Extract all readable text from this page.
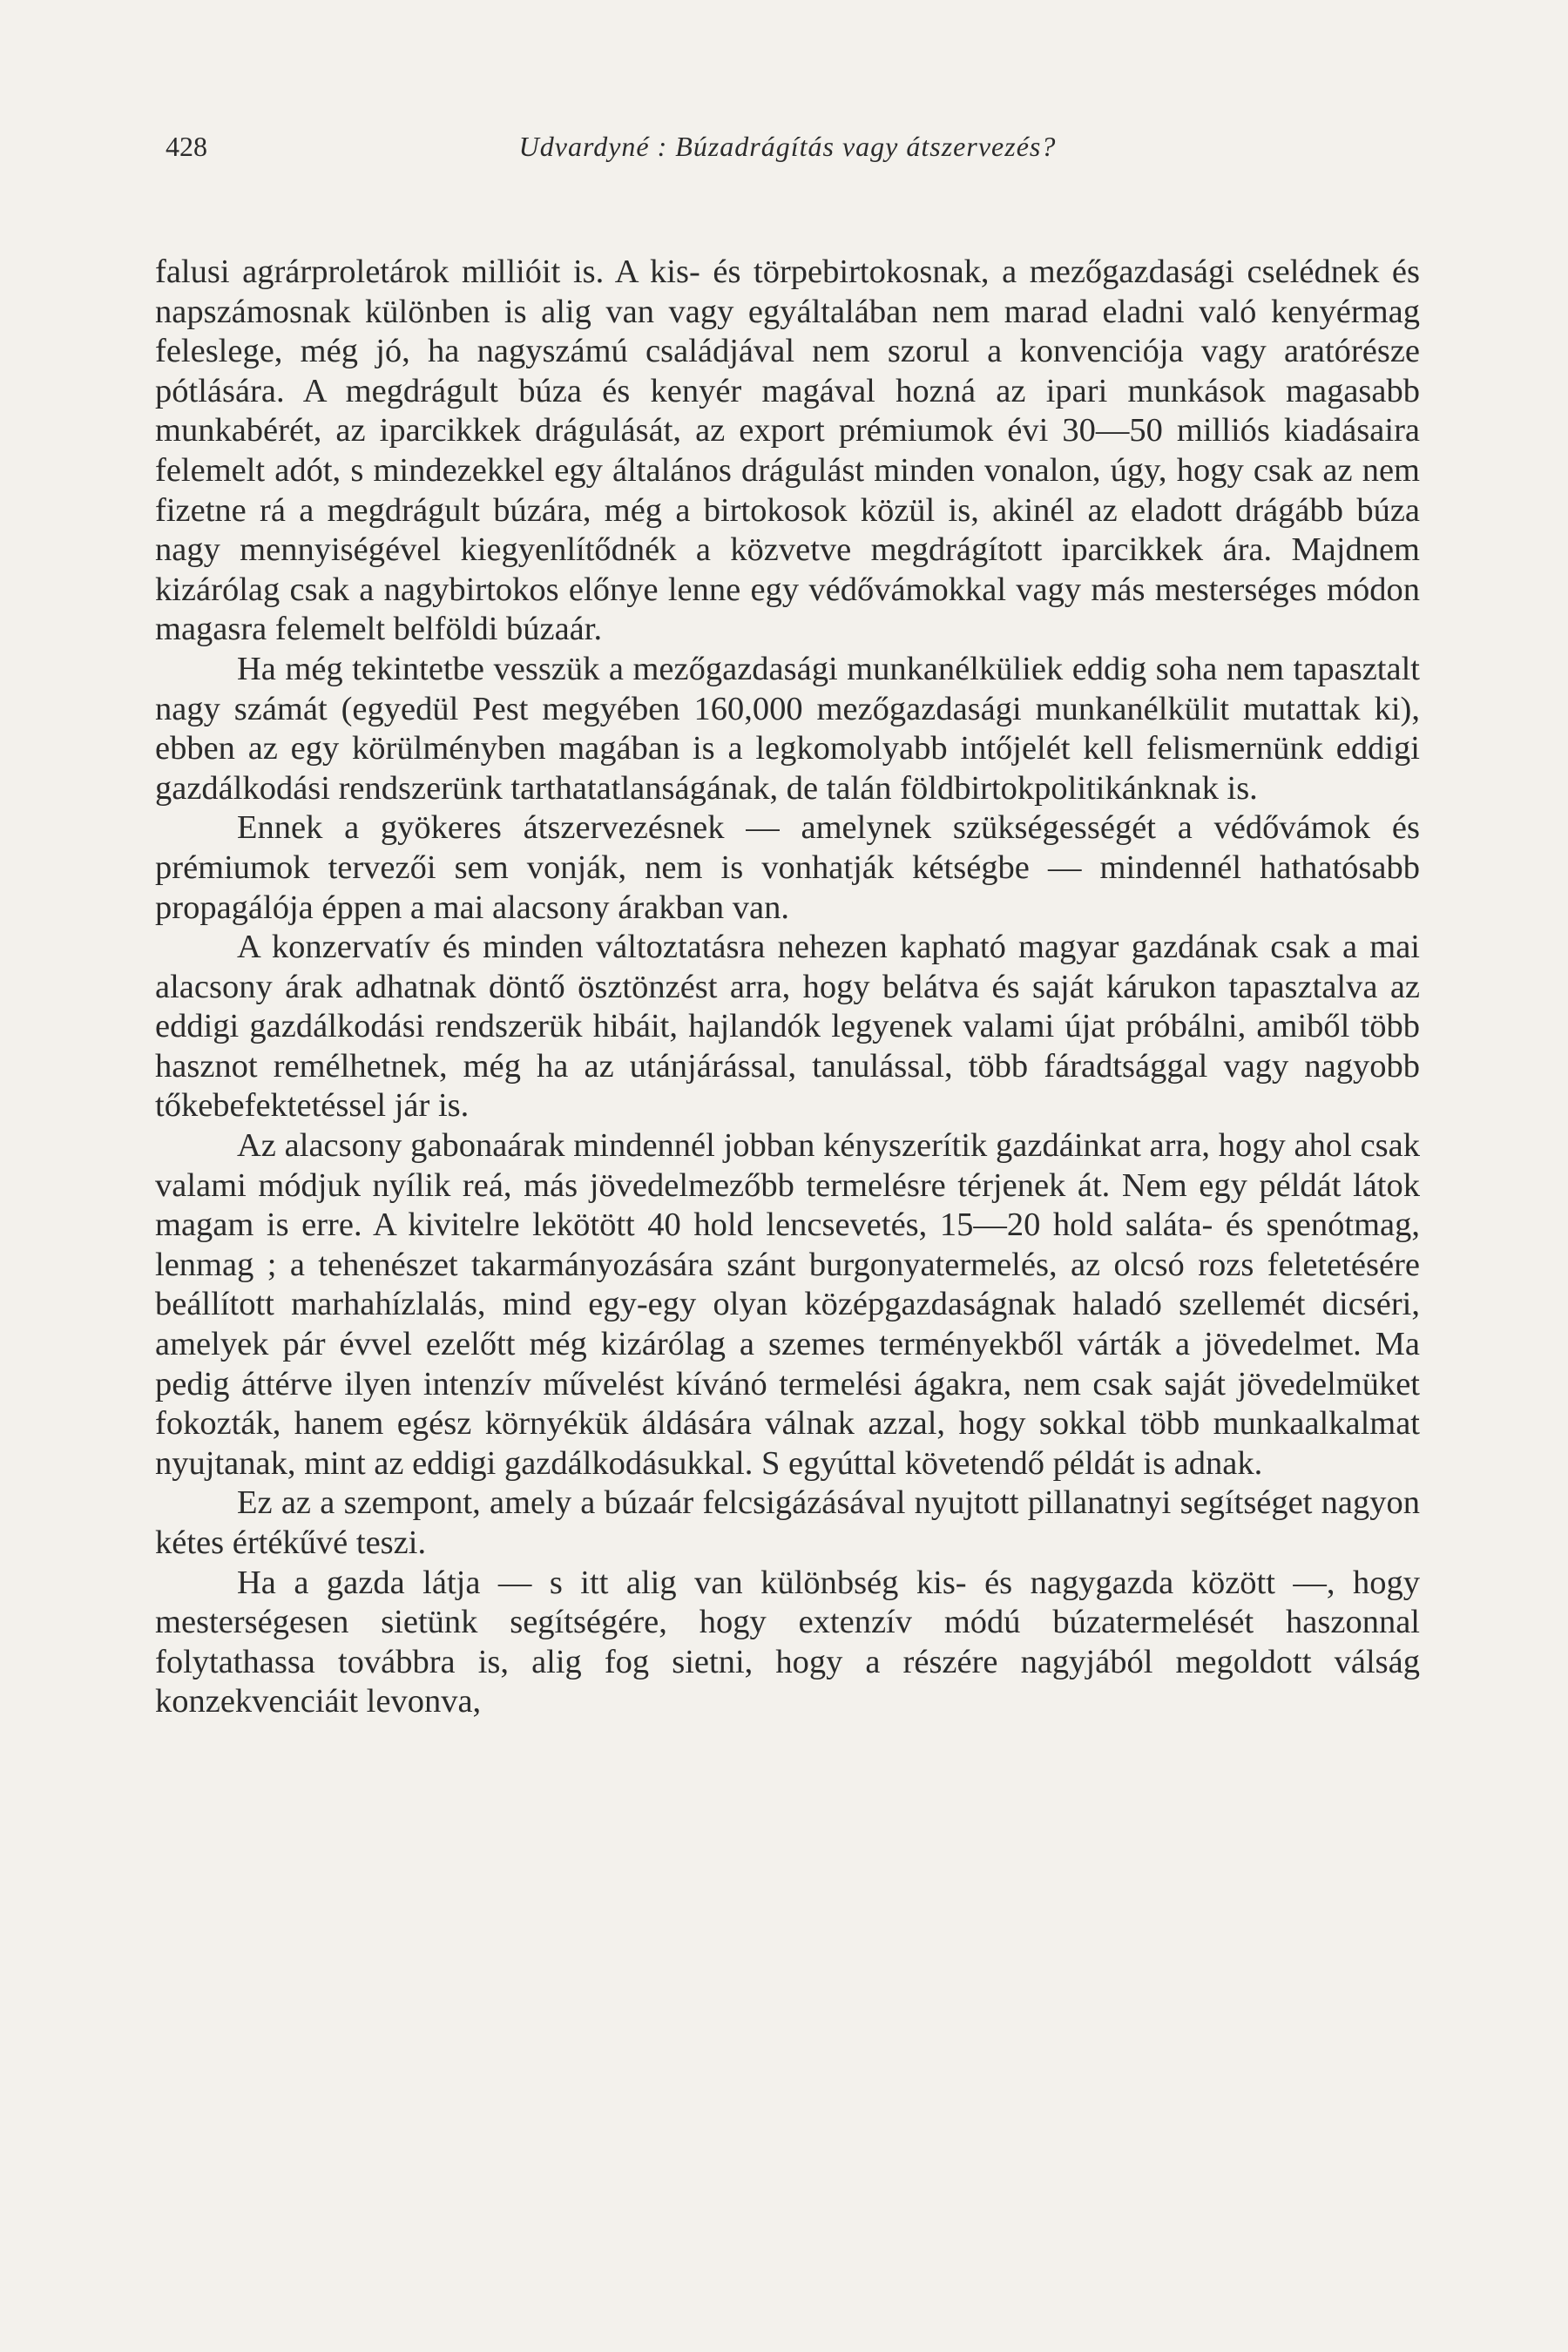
428	Udvardyné : Búzadrágítás vagy átszervezés?

falusi agrárproletárok millióit is. A kis- és törpebirtokosnak, a mezőgazdasági cselédnek és napszámosnak különben is alig van vagy egyáltalában nem marad eladni való kenyérmag feleslege, még jó, ha nagyszámú családjával nem szorul a konvenciója vagy aratórésze pótlására. A megdrágult búza és kenyér magával hozná az ipari munkások magasabb munkabérét, az iparcikkek drágulását, az export prémiumok évi 30—50 milliós kiadásaira felemelt adót, s mindezekkel egy általános drágulást minden vonalon, úgy, hogy csak az nem fizetne rá a megdrágult búzára, még a birtokosok közül is, akinél az eladott drágább búza nagy mennyiségével kiegyenlítődnék a közvetve megdrágított iparcikkek ára. Majdnem kizárólag csak a nagybirtokos előnye lenne egy védővámokkal vagy más mesterséges módon magasra felemelt belföldi búzaár.

Ha még tekintetbe vesszük a mezőgazdasági munkanélküliek eddig soha nem tapasztalt nagy számát (egyedül Pest megyében 160,000 mezőgazdasági munkanélkülit mutattak ki), ebben az egy körülményben magában is a legkomolyabb intőjelét kell felismernünk eddigi gazdálkodási rendszerünk tarthatatlanságának, de talán földbirtokpolitikánknak is.

Ennek a gyökeres átszervezésnek — amelynek szükségességét a védővámok és prémiumok tervezői sem vonják, nem is vonhatják kétségbe — mindennél hathatósabb propagálója éppen a mai alacsony árakban van.

A konzervatív és minden változtatásra nehezen kapható magyar gazdának csak a mai alacsony árak adhatnak döntő ösztönzést arra, hogy belátva és saját kárukon tapasztalva az eddigi gazdálkodási rendszerük hibáit, hajlandók legyenek valami újat próbálni, amiből több hasznot remélhetnek, még ha az utánjárással, tanulással, több fáradtsággal vagy nagyobb tőkebefektetéssel jár is.

Az alacsony gabonaárak mindennél jobban kényszerítik gazdáinkat arra, hogy ahol csak valami módjuk nyílik reá, más jövedelmezőbb termelésre térjenek át. Nem egy példát látok magam is erre. A kivitelre lekötött 40 hold lencsevetés, 15—20 hold saláta- és spenótmag, lenmag ; a tehenészet takarmányozására szánt burgonyatermelés, az olcsó rozs feletetésére beállított marhahízlalás, mind egy-egy olyan középgazdaságnak haladó szellemét dicséri, amelyek pár évvel ezelőtt még kizárólag a szemes terményekből várták a jövedelmet. Ma pedig áttérve ilyen intenzív művelést kívánó termelési ágakra, nem csak saját jövedelmüket fokozták, hanem egész környékük áldására válnak azzal, hogy sokkal több munkaalkalmat nyujtanak, mint az eddigi gazdálkodásukkal. S egyúttal követendő példát is adnak.

Ez az a szempont, amely a búzaár felcsigázásával nyujtott pillanatnyi segítséget nagyon kétes értékűvé teszi.

Ha a gazda látja — s itt alig van különbség kis- és nagygazda között —, hogy mesterségesen sietünk segítségére, hogy extenzív módú búzatermelését haszonnal folytathassa továbbra is, alig fog sietni, hogy a részére nagyjából megoldott válság konzekvenciáit levonva,
